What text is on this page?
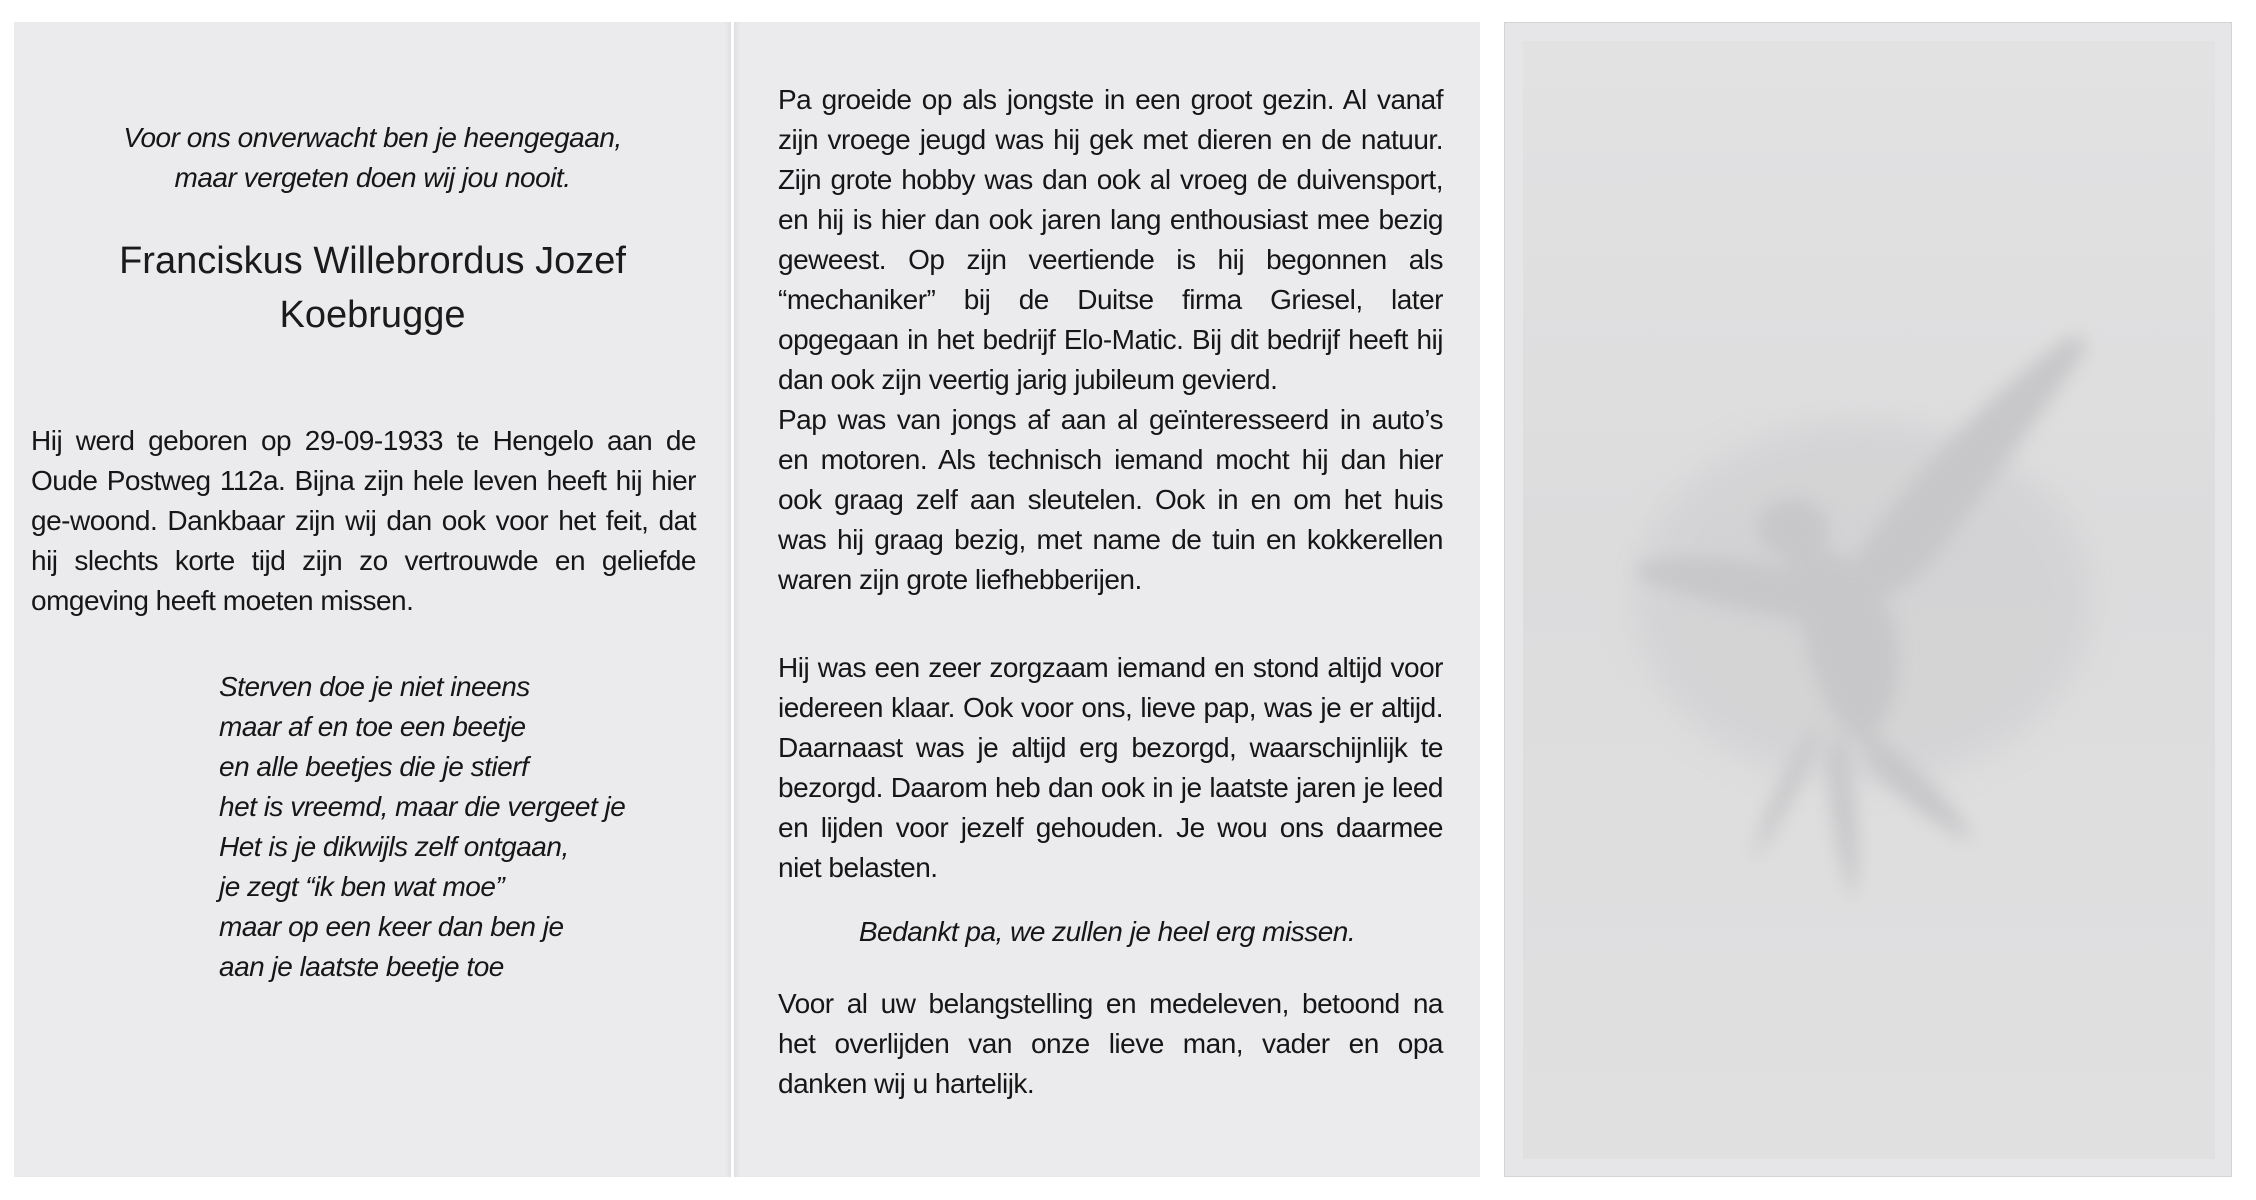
Voor ons onverwacht ben je heengegaan,
maar vergeten doen wij jou nooit.

Franciskus Willebrordus Jozef
Koebrugge

Hij werd geboren op 29-09-1933 te Hengelo aan de Oude Postweg 112a. Bijna zijn hele leven heeft hij hier ge-woond. Dankbaar zijn wij dan ook voor het feit, dat hij slechts korte tijd zijn zo vertrouwde en geliefde omgeving heeft moeten missen.

Sterven doe je niet ineens
maar af en toe een beetje
en alle beetjes die je stierf
het is vreemd, maar die vergeet je
Het is je dikwijls zelf ontgaan,
je zegt “ik ben wat moe”
maar op een keer dan ben je
aan je laatste beetje toe

Pa groeide op als jongste in een groot gezin. Al vanaf zijn vroege jeugd was hij gek met dieren en de natuur. Zijn grote hobby was dan ook al vroeg de duivensport, en hij is hier dan ook jaren lang enthousiast mee bezig geweest. Op zijn veertiende is hij begonnen als “mechaniker” bij de Duitse firma Griesel, later opgegaan in het bedrijf Elo-Matic. Bij dit bedrijf heeft hij dan ook zijn veertig jarig jubileum gevierd.
Pap was van jongs af aan al geïnteresseerd in auto’s en motoren. Als technisch iemand mocht hij dan hier ook graag zelf aan sleutelen. Ook in en om het huis was hij graag bezig, met name de tuin en kokkerellen waren zijn grote liefhebberijen.

Hij was een zeer zorgzaam iemand en stond altijd voor iedereen klaar. Ook voor ons, lieve pap, was je er altijd. Daarnaast was je altijd erg bezorgd, waarschijnlijk te bezorgd. Daarom heb dan ook in je laatste jaren je leed en lijden voor jezelf gehouden. Je wou ons daarmee niet belasten.

Bedankt pa, we zullen je heel erg missen.

Voor al uw belangstelling en medeleven, betoond na het overlijden van onze lieve man, vader en opa danken wij u hartelijk.
